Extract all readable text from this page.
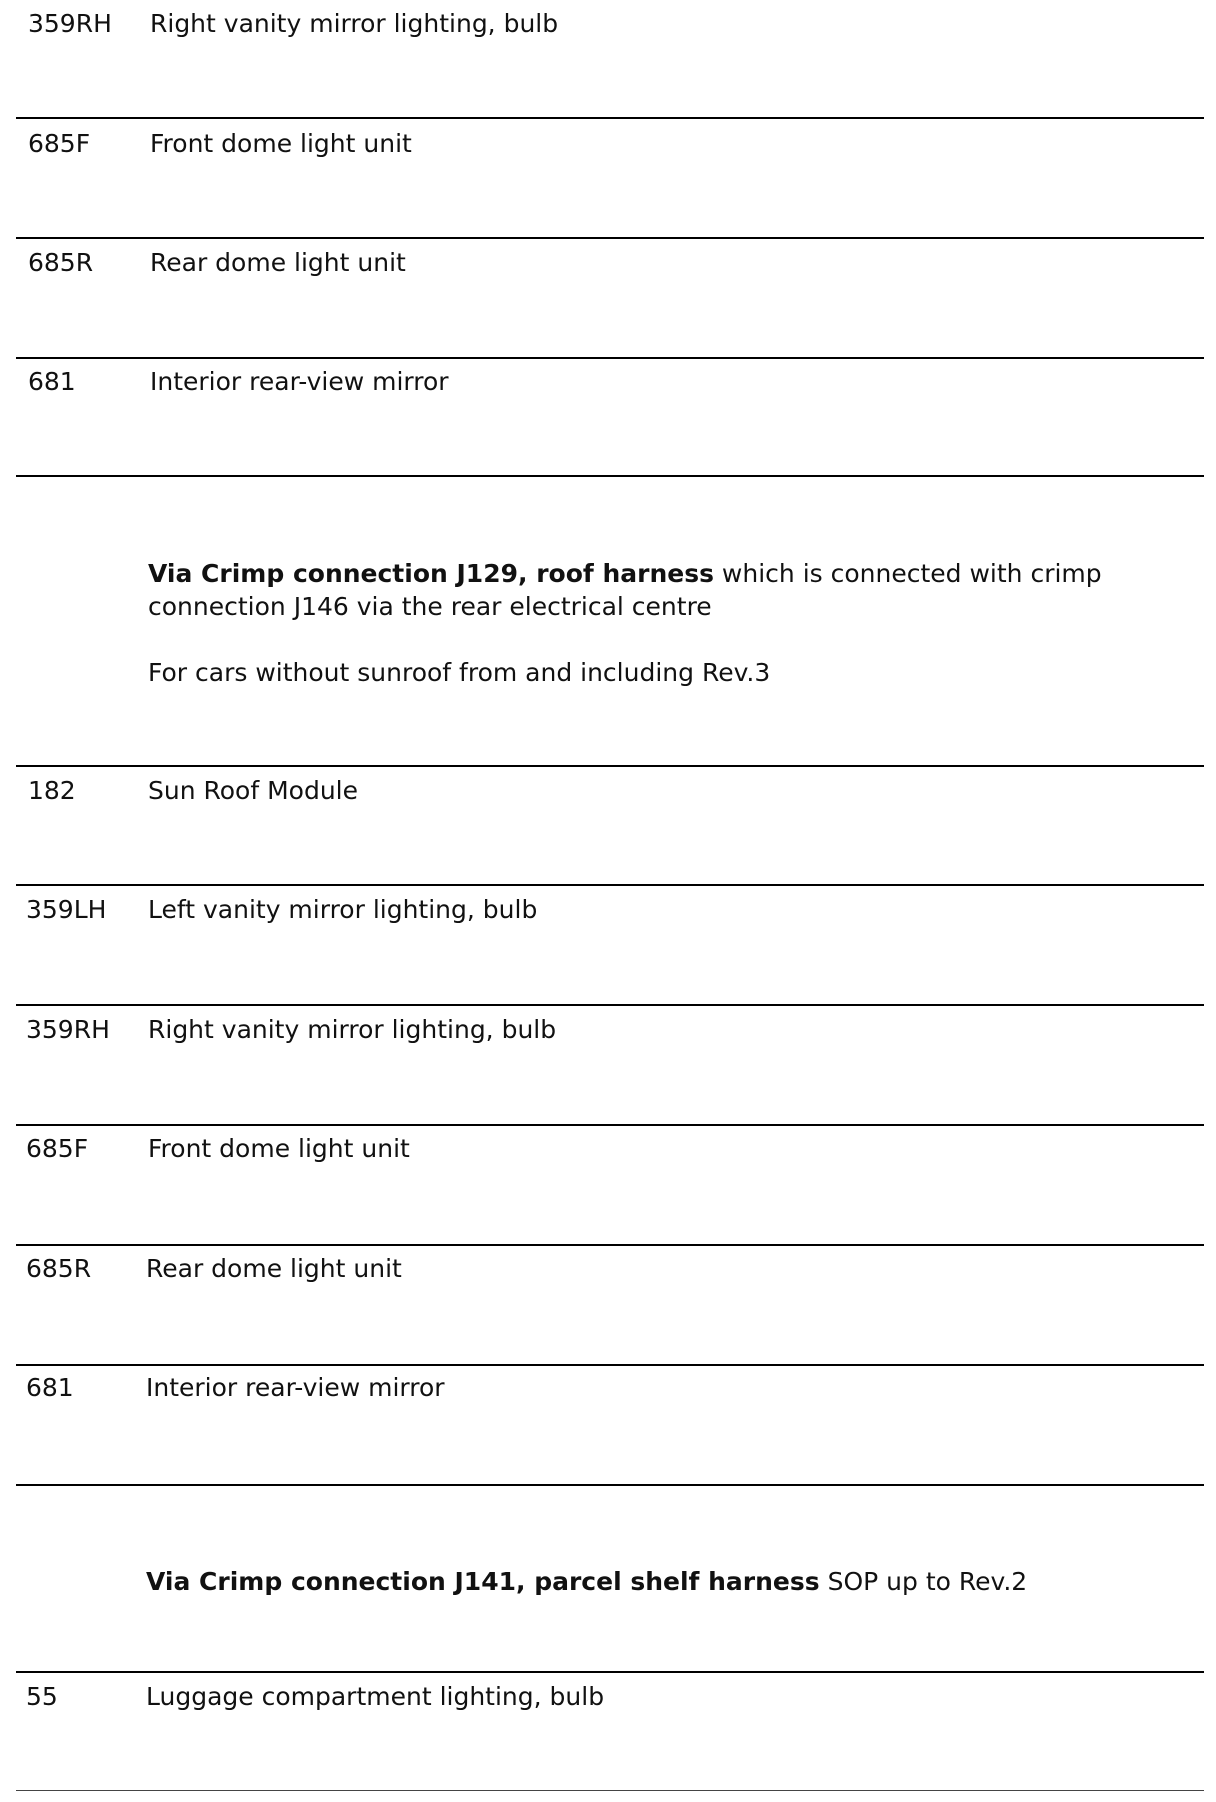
359RH Right vanity mirror lighting, bulb
685F Front dome light unit
685R Rear dome light unit
681	Interior rear-view mirror
Via Crimp connection J129, roof harness which is connected with crimp connection J146 via the rear electrical centre
For cars without sunroof from and including Rev.3
182	Sun Roof Module
359LH Left vanity mirror lighting, bulb
359RH Right vanity mirror lighting, bulb
685F Front dome light unit
685R Rear dome light unit
681	Interior rear-view mirror
Via Crimp connection J141, parcel shelf harness SOP up to Rev.2
55	Luggage compartment lighting, bulb
